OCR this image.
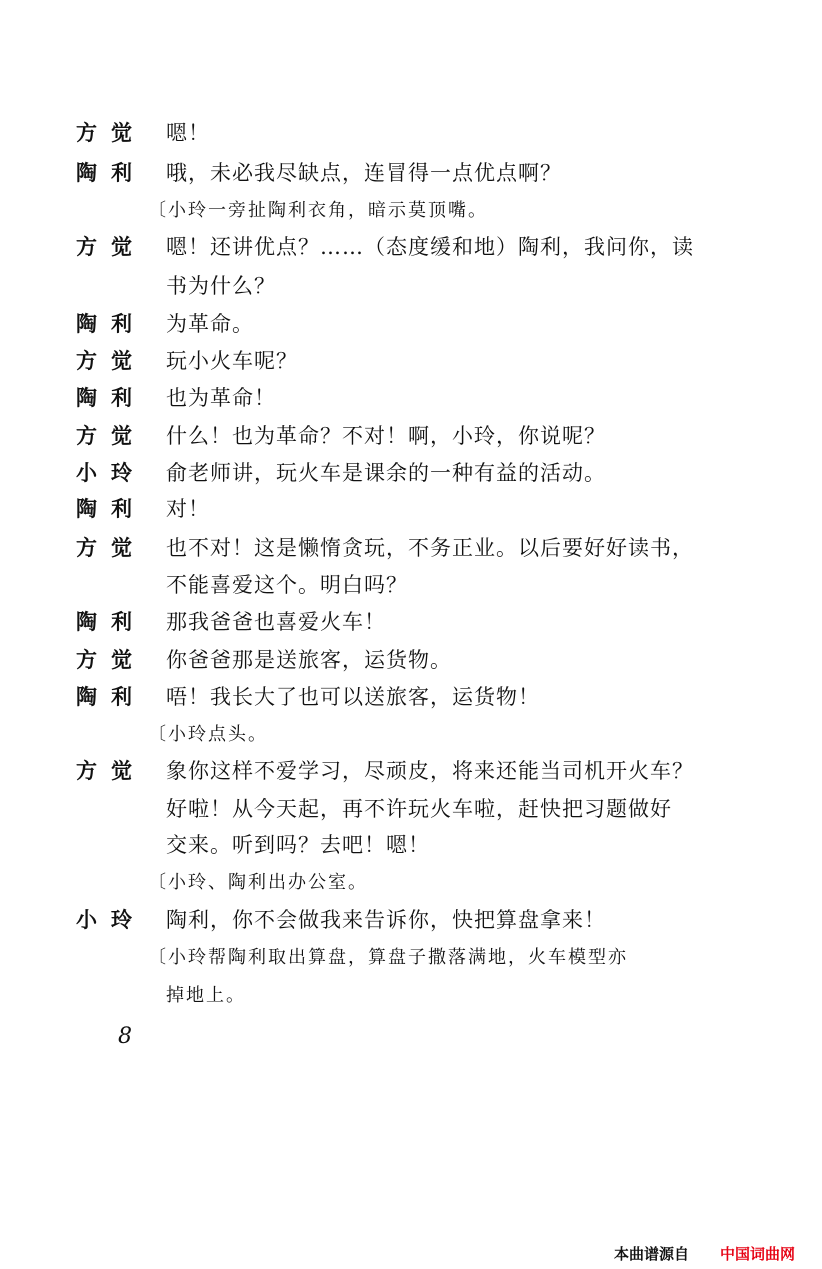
方觉 嗯！
陶利 哦，未必我尽缺点，连冒得一点优点啊？
〔小玲一旁扯陶利衣角，暗示莫顶嘴。
方觉 嗯！还讲优点？……（态度缓和地）陶利，我问你，读
书为什么？
陶利 为革命。
方觉 玩小火车呢？
陶利 也为革命！
方觉 什么！也为革命？不对！啊，小玲，你说呢？
小玲 俞老师讲，玩火车是课余的一种有益的活动。
陶利 对！
方觉 也不对！这是懒惰贪玩，不务正业。以后要好好读书，
不能喜爱这个。明白吗？
陶利 那我爸爸也喜爱火车！
方觉 你爸爸那是送旅客，运货物。
陶利 唔！我长大了也可以送旅客，运货物！
〔小玲点头。
方觉 象你这样不爱学习，尽顽皮，将来还能当司机开火车？
好啦！从今天起，再不许玩火车啦，赶快把习题做好
交来。听到吗？去吧！嗯！
〔小玲、陶利出办公室。
小玲 陶利，你不会做我来告诉你，快把算盘拿来！
〔小玲帮陶利取出算盘，算盘子撒落满地，火车模型亦
掉地上。
8
本曲谱源自 中国词曲网
